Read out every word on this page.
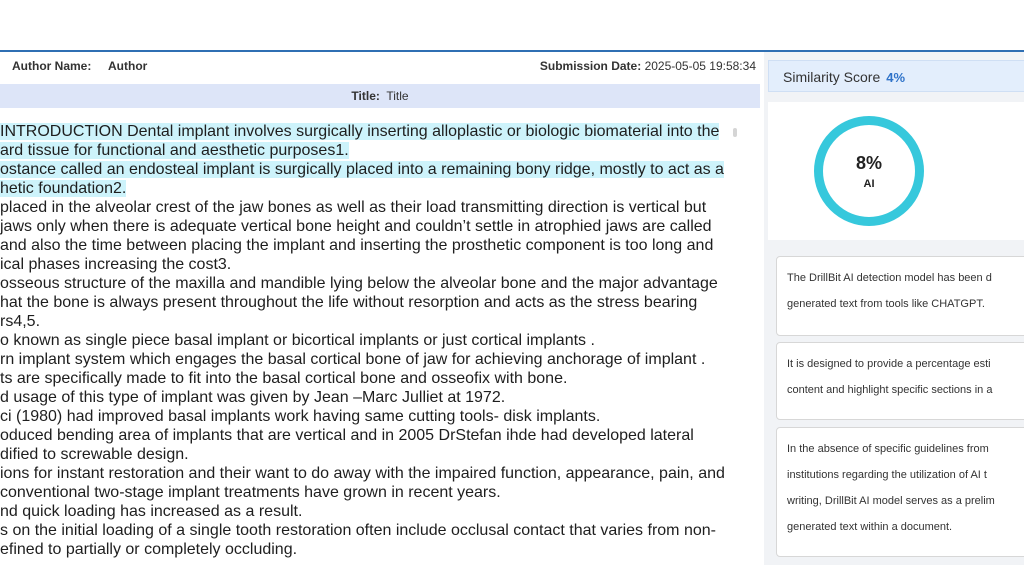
Author Name: Author	Submission Date: 2025-05-05 19:58:34
Title: Title
INTRODUCTION Dental implant involves surgically inserting alloplastic or biologic biomaterial into the
ard tissue for functional and aesthetic purposes1.
ostance called an endosteal implant is surgically placed into a remaining bony ridge, mostly to act as a
hetic foundation2.
placed in the alveolar crest of the jaw bones as well as their load transmitting direction is vertical but
jaws only when there is adequate vertical bone height and couldn’t settle in atrophied jaws are called
and also the time between placing the implant and inserting the prosthetic component is too long and
ical phases increasing the cost3.
osseous structure of the maxilla and mandible lying below the alveolar bone and the major advantage
hat the bone is always present throughout the life without resorption and acts as the stress bearing
rs4,5.
o known as single piece basal implant or bicortical implants or just cortical implants .
rn implant system which engages the basal cortical bone of jaw for achieving anchorage of implant .
ts are specifically made to fit into the basal cortical bone and osseofix with bone.
d usage of this type of implant was given by Jean –Marc Julliet at 1972.
ci (1980) had improved basal implants work having same cutting tools- disk implants.
oduced bending area of implants that are vertical and in 2005 DrStefan ihde had developed lateral
dified to screwable design.
ions for instant restoration and their want to do away with the impaired function, appearance, pain, and
conventional two-stage implant treatments have grown in recent years.
nd quick loading has increased as a result.
s on the initial loading of a single tooth restoration often include occlusal contact that varies from non-
efined to partially or completely occluding.
Similarity Score 4%
8%
AI
The DrillBit AI detection model has been d
generated text from tools like CHATGPT.
It is designed to provide a percentage esti
content and highlight specific sections in a
In the absence of specific guidelines from
institutions regarding the utilization of AI t
writing, DrillBit AI model serves as a prelim
generated text within a document.
